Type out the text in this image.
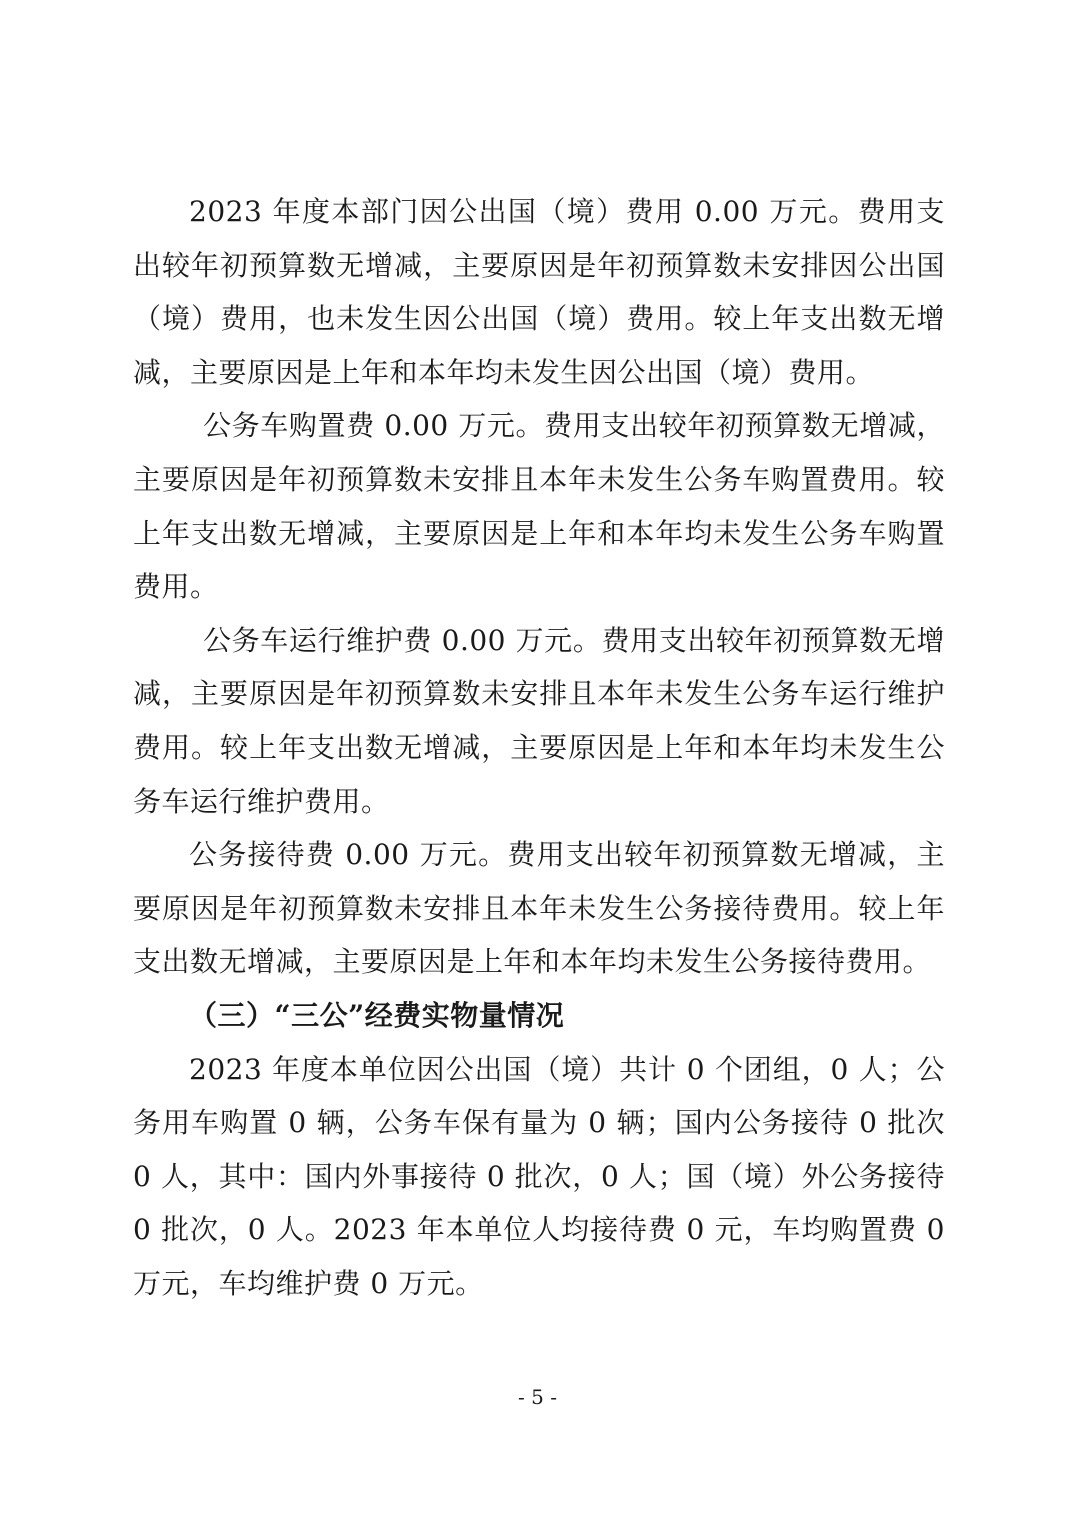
2023 年度本部门因公出国（境）费用 0.00 万元。费用支出较年初预算数无增减，主要原因是年初预算数未安排因公出国（境）费用，也未发生因公出国（境）费用。较上年支出数无增减，主要原因是上年和本年均未发生因公出国（境）费用。

公务车购置费 0.00 万元。费用支出较年初预算数无增减，主要原因是年初预算数未安排且本年未发生公务车购置费用。较上年支出数无增减，主要原因是上年和本年均未发生公务车购置费用。

公务车运行维护费 0.00 万元。费用支出较年初预算数无增减，主要原因是年初预算数未安排且本年未发生公务车运行维护费用。较上年支出数无增减，主要原因是上年和本年均未发生公务车运行维护费用。

公务接待费 0.00 万元。费用支出较年初预算数无增减，主要原因是年初预算数未安排且本年未发生公务接待费用。较上年支出数无增减，主要原因是上年和本年均未发生公务接待费用。

（三）“三公”经费实物量情况

2023 年度本单位因公出国（境）共计 0 个团组，0 人；公务用车购置 0 辆，公务车保有量为 0 辆；国内公务接待 0 批次 0 人，其中：国内外事接待 0 批次，0 人；国（境）外公务接待 0 批次，0 人。2023 年本单位人均接待费 0 元，车均购置费 0 万元，车均维护费 0 万元。

- 5 -
